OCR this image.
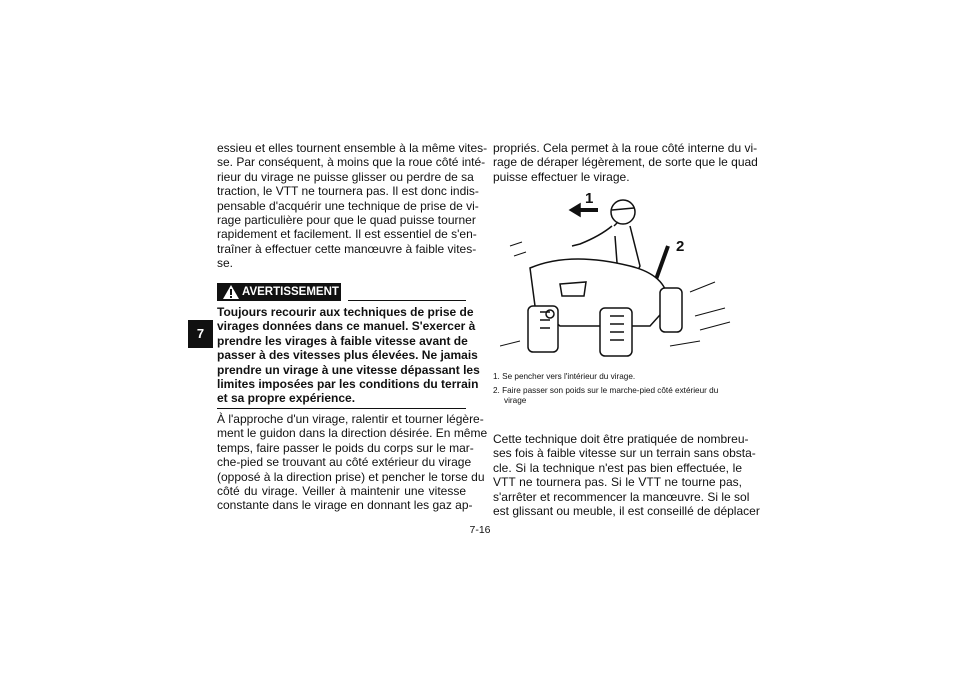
7
essieu et elles tournent ensemble à la même vites-
se. Par conséquent, à moins que la roue côté inté-
rieur du virage ne puisse glisser ou perdre de sa
traction, le VTT ne tournera pas. Il est donc indis-
pensable d'acquérir une technique de prise de vi-
rage particulière pour que le quad puisse tourner
rapidement et facilement. Il est essentiel de s'en-
traîner à effectuer cette manœuvre à faible vites-
se.
AVERTISSEMENT
Toujours recourir aux techniques de prise de
virages données dans ce manuel. S'exercer à
prendre les virages à faible vitesse avant de
passer à des vitesses plus élevées. Ne jamais
prendre un virage à une vitesse dépassant les
limites imposées par les conditions du terrain
et sa propre expérience.
À l'approche d'un virage, ralentir et tourner légère-
ment le guidon dans la direction désirée. En même
temps, faire passer le poids du corps sur le mar-
che-pied se trouvant au côté extérieur du virage
(opposé à la direction prise) et pencher le torse du
côté du virage. Veiller à maintenir une vitesse
constante dans le virage en donnant les gaz ap-
propriés. Cela permet à la roue côté interne du vi-
rage de déraper légèrement, de sorte que le quad
puisse effectuer le virage.
1
2
1. Se pencher vers l'intérieur du virage.
2. Faire passer son poids sur le marche-pied côté extérieur du
virage
Cette technique doit être pratiquée de nombreu-
ses fois à faible vitesse sur un terrain sans obsta-
cle. Si la technique n'est pas bien effectuée, le
VTT ne tournera pas. Si le VTT ne tourne pas,
s'arrêter et recommencer la manœuvre. Si le sol
est glissant ou meuble, il est conseillé de déplacer
7-16
